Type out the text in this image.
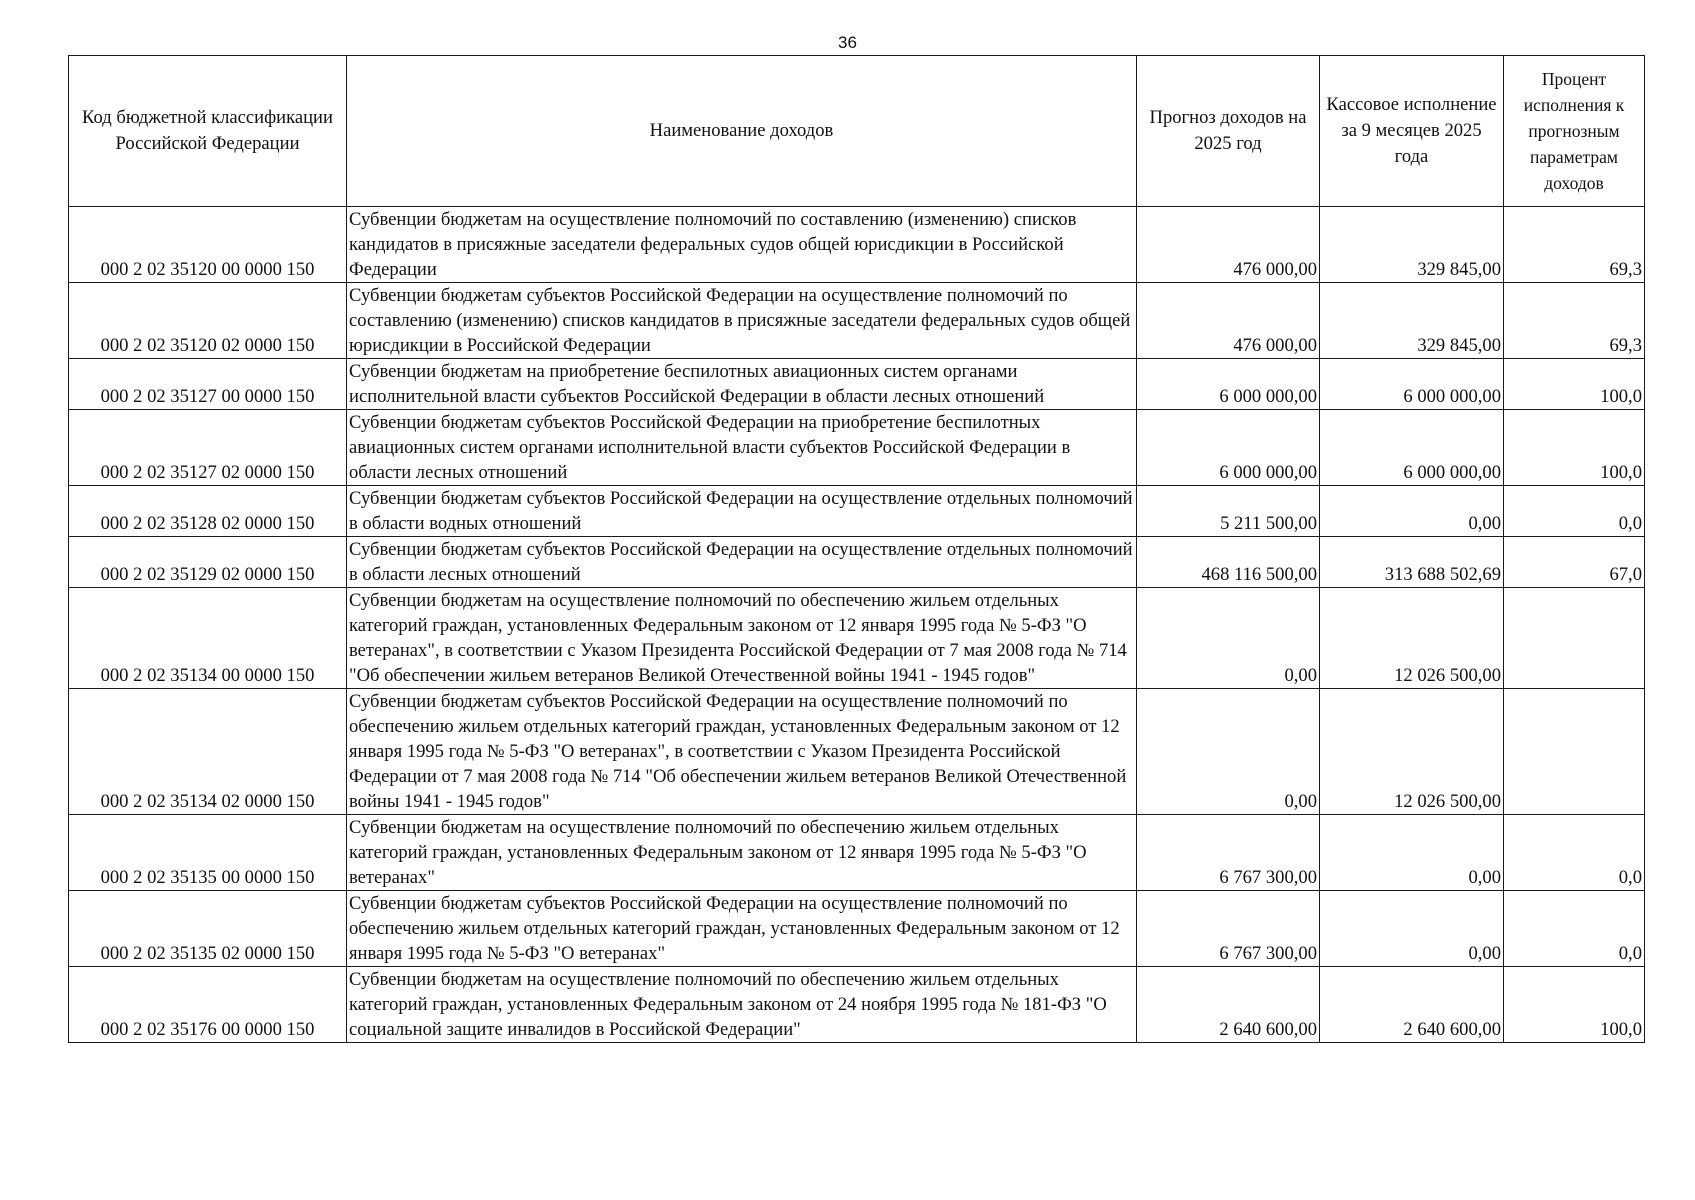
36
Код бюджетной классификации Российской Федерации	Наименование доходов	Прогноз доходов на 2025 год	Кассовое исполнение за 9 месяцев 2025 года	Процент исполнения к прогнозным параметрам доходов
000 2 02 35120 00 0000 150	Субвенции бюджетам на осуществление полномочий по составлению (изменению) списков кандидатов в присяжные заседатели федеральных судов общей юрисдикции в Российской Федерации	476 000,00	329 845,00	69,3
000 2 02 35120 02 0000 150	Субвенции бюджетам субъектов Российской Федерации на осуществление полномочий по составлению (изменению) списков кандидатов в присяжные заседатели федеральных судов общей юрисдикции в Российской Федерации	476 000,00	329 845,00	69,3
000 2 02 35127 00 0000 150	Субвенции бюджетам на приобретение беспилотных авиационных систем органами исполнительной власти субъектов Российской Федерации в области лесных отношений	6 000 000,00	6 000 000,00	100,0
000 2 02 35127 02 0000 150	Субвенции бюджетам субъектов Российской Федерации на приобретение беспилотных авиационных систем органами исполнительной власти субъектов Российской Федерации в области лесных отношений	6 000 000,00	6 000 000,00	100,0
000 2 02 35128 02 0000 150	Субвенции бюджетам субъектов Российской Федерации на осуществление отдельных полномочий в области водных отношений	5 211 500,00	0,00	0,0
000 2 02 35129 02 0000 150	Субвенции бюджетам субъектов Российской Федерации на осуществление отдельных полномочий в области лесных отношений	468 116 500,00	313 688 502,69	67,0
000 2 02 35134 00 0000 150	Субвенции бюджетам на осуществление полномочий по обеспечению жильем отдельных категорий граждан, установленных Федеральным законом от 12 января 1995 года № 5-ФЗ "О ветеранах", в соответствии с Указом Президента Российской Федерации от 7 мая 2008 года № 714 "Об обеспечении жильем ветеранов Великой Отечественной войны 1941 - 1945 годов"	0,00	12 026 500,00	
000 2 02 35134 02 0000 150	Субвенции бюджетам субъектов Российской Федерации на осуществление полномочий по обеспечению жильем отдельных категорий граждан, установленных Федеральным законом от 12 января 1995 года № 5-ФЗ "О ветеранах", в соответствии с Указом Президента Российской Федерации от 7 мая 2008 года № 714 "Об обеспечении жильем ветеранов Великой Отечественной войны 1941 - 1945 годов"	0,00	12 026 500,00	
000 2 02 35135 00 0000 150	Субвенции бюджетам на осуществление полномочий по обеспечению жильем отдельных категорий граждан, установленных Федеральным законом от 12 января 1995 года № 5-ФЗ "О ветеранах"	6 767 300,00	0,00	0,0
000 2 02 35135 02 0000 150	Субвенции бюджетам субъектов Российской Федерации на осуществление полномочий по обеспечению жильем отдельных категорий граждан, установленных Федеральным законом от 12 января 1995 года № 5-ФЗ "О ветеранах"	6 767 300,00	0,00	0,0
000 2 02 35176 00 0000 150	Субвенции бюджетам на осуществление полномочий по обеспечению жильем отдельных категорий граждан, установленных Федеральным законом от 24 ноября 1995 года № 181-ФЗ "О социальной защите инвалидов в Российской Федерации"	2 640 600,00	2 640 600,00	100,0
